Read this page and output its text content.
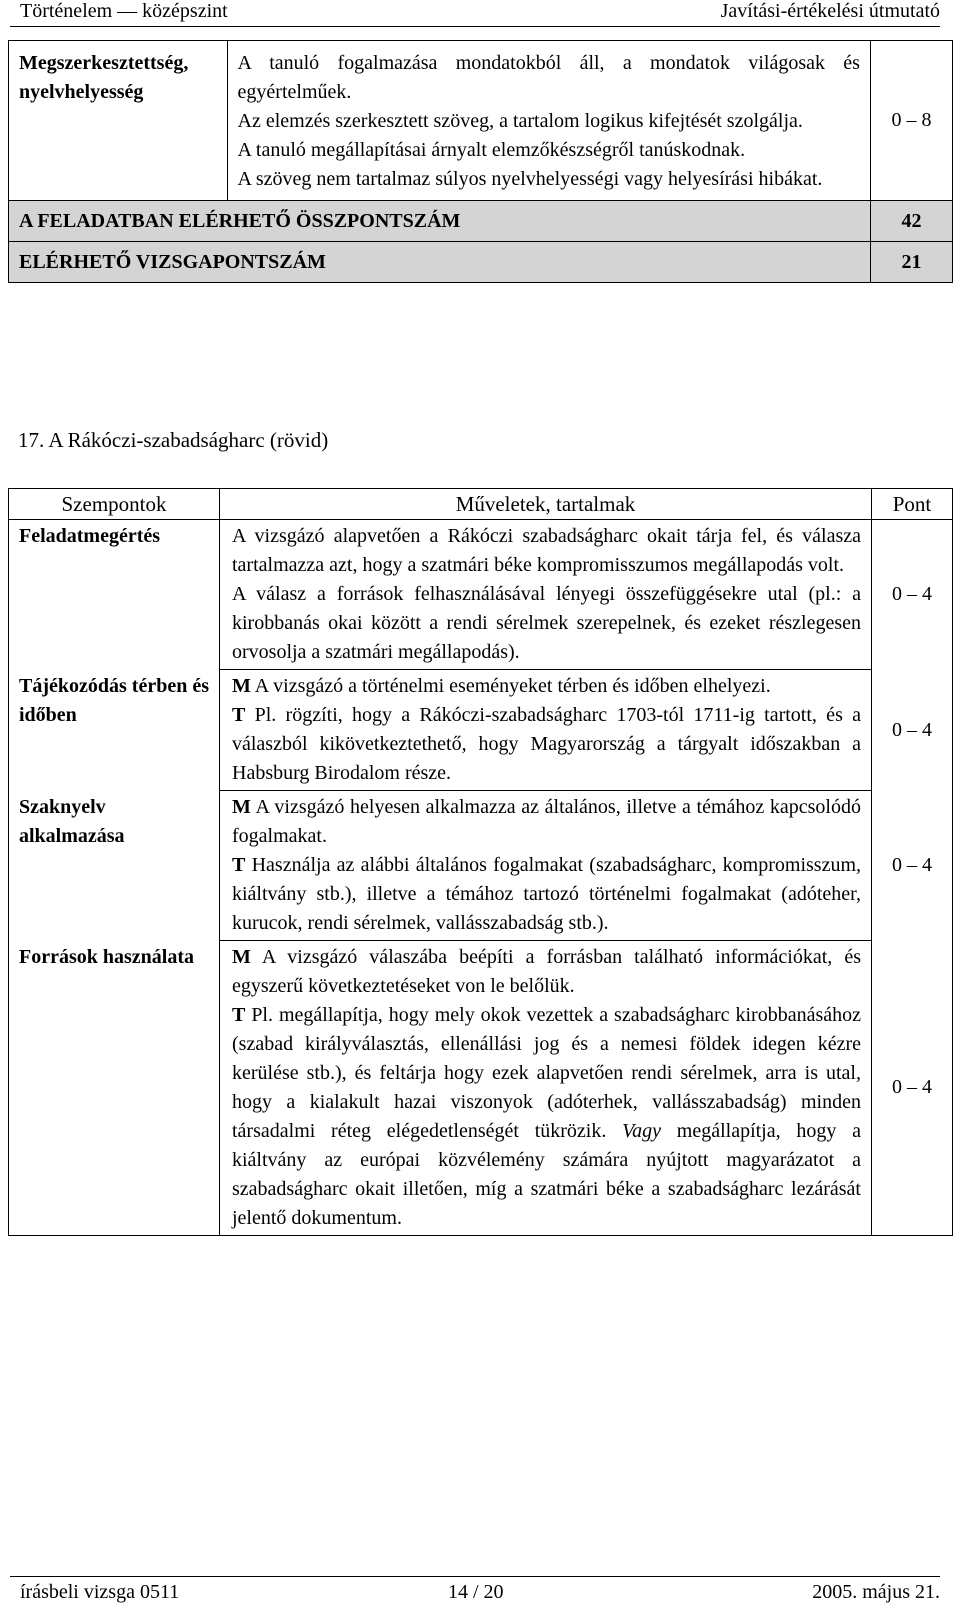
Történelem — középszint	Javítási-értékelési útmutató
Megszerkesztettség, nyelvhelyesség	A tanuló fogalmazása mondatokból áll, a mondatok világosak és egyértelműek.
Az elemzés szerkesztett szöveg, a tartalom logikus kifejtését szolgálja.
A tanuló megállapításai árnyalt elemzőkészségről tanúskodnak.
A szöveg nem tartalmaz súlyos nyelvhelyességi vagy helyesírási hibákat.	0 – 8
A FELADATBAN ELÉRHETŐ ÖSSZPONTSZÁM		42
ELÉRHETŐ VIZSGAPONTSZÁM		21
17. A Rákóczi-szabadságharc (rövid)
Szempontok	Műveletek, tartalmak	Pont
Feladatmegértés	A vizsgázó alapvetően a Rákóczi szabadságharc okait tárja fel, és válasza tartalmazza azt, hogy a szatmári béke kompromisszumos megállapodás volt.

A válasz a források felhasználásával lényegi összefüggésekre utal (pl.: a kirobbanás okai között a rendi sérelmek szerepelnek, és ezeket részlegesen orvosolja a szatmári megállapodás).	0 – 4
Tájékozódás térben és időben	M A vizsgázó a történelmi eseményeket térben és időben elhelyezi.

T Pl. rögzíti, hogy a Rákóczi-szabadságharc 1703-tól 1711-ig tartott, és a válaszból kikövetkeztethető, hogy Magyarország a tárgyalt időszakban a Habsburg Birodalom része.	0 – 4
Szaknyelv alkalmazása	M A vizsgázó helyesen alkalmazza az általános, illetve a témához kapcsolódó fogalmakat.

T Használja az alábbi általános fogalmakat (szabadságharc, kompromisszum, kiáltvány stb.), illetve a témához tartozó történelmi fogalmakat (adóteher, kurucok, rendi sérelmek, vallásszabadság stb.).	0 – 4
Források használata	M A vizsgázó válaszába beépíti a forrásban található információkat, és egyszerű következtetéseket von le belőlük.

T Pl. megállapítja, hogy mely okok vezettek a szabadságharc kirobbanásához (szabad királyválasztás, ellenállási jog és a nemesi földek idegen kézre kerülése stb.), és feltárja hogy ezek alapvetően rendi sérelmek, arra is utal, hogy a kialakult hazai viszonyok (adóterhek, vallásszabadság) minden társadalmi réteg elégedetlenségét tükrözik. Vagy megállapítja, hogy a kiáltvány az európai közvélemény számára nyújtott magyarázatot a szabadságharc okait illetően, míg a szatmári béke a szabadságharc lezárását jelentő dokumentum.	0 – 4
írásbeli vizsga 0511	14 / 20	2005. május 21.
